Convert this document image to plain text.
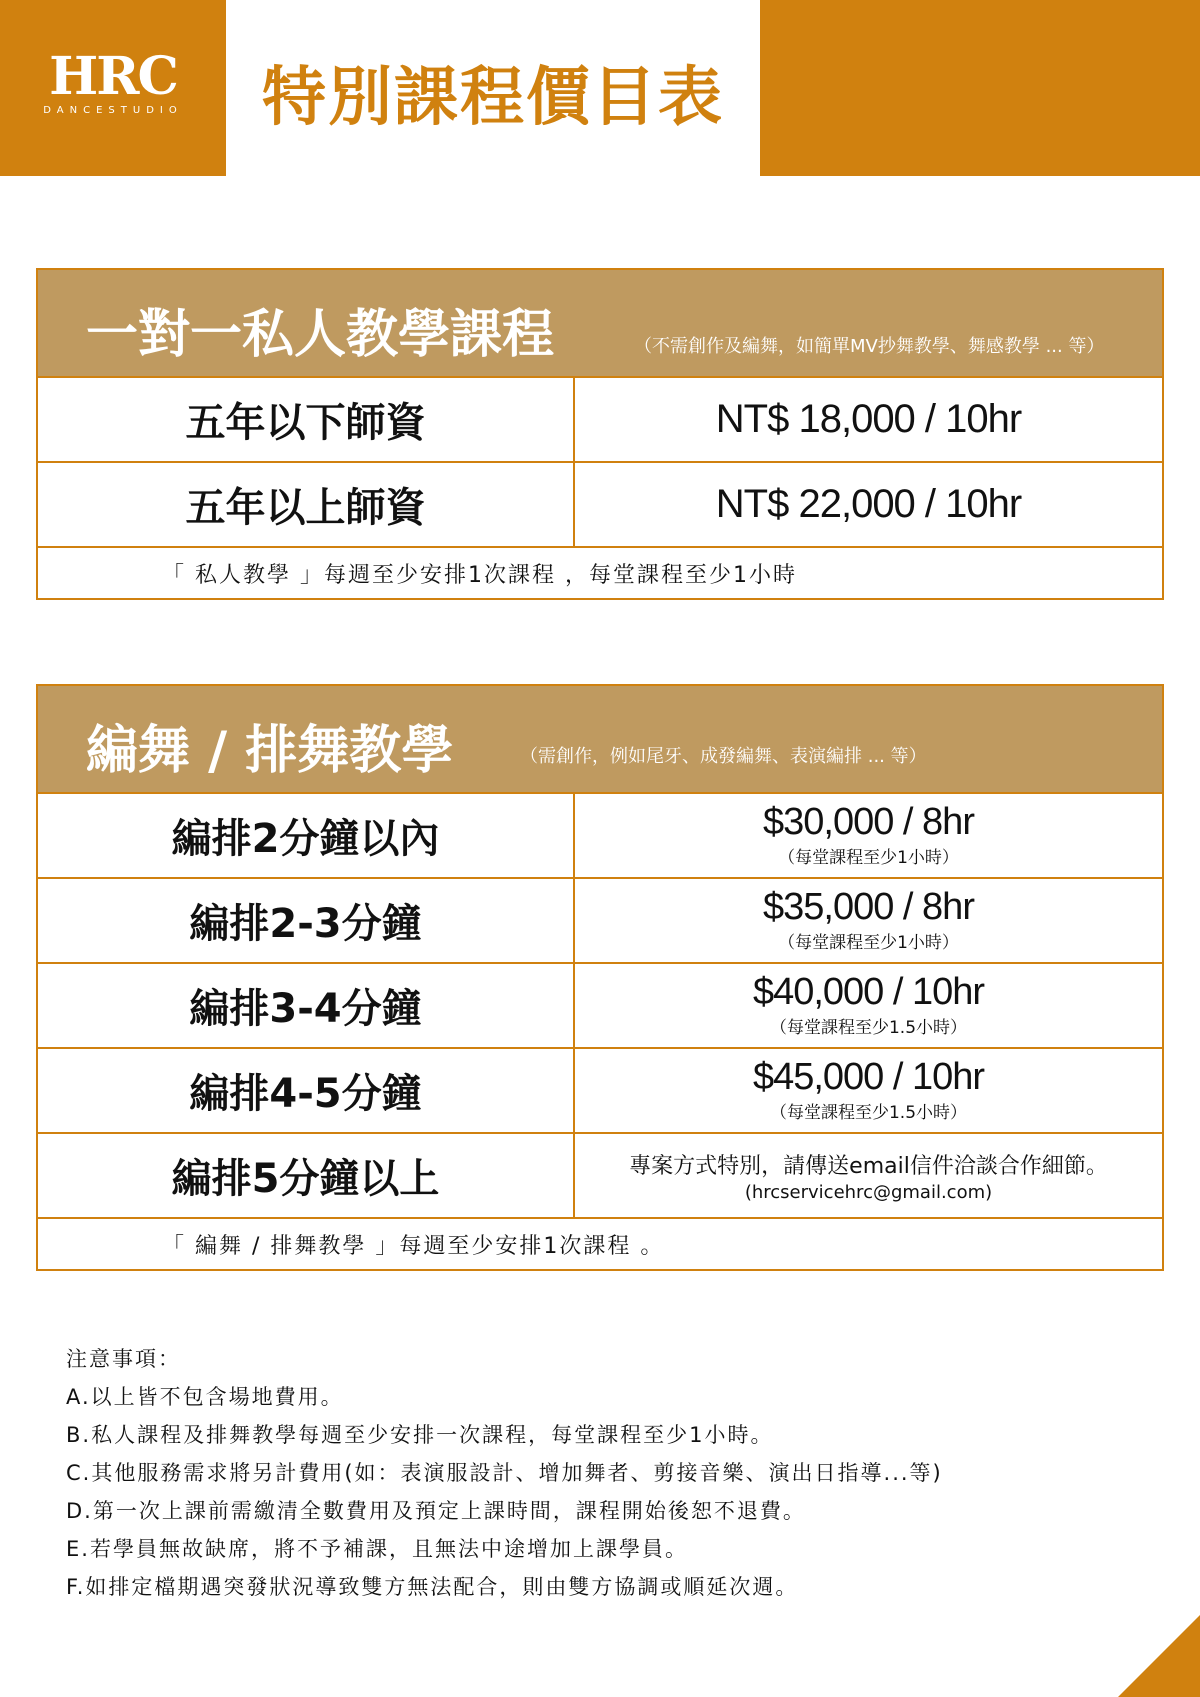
HRC
DANCESTUDIO	特別課程價目表
一對一私人教學課程	（不需創作及編舞，如簡單MV抄舞教學、舞感教學 ... 等）
五年以下師資	NT$ 18,000 / 10hr
五年以上師資	NT$ 22,000 / 10hr
「 私人教學 」每週至少安排1次課程 ，每堂課程至少1小時
編舞 / 排舞教學	（需創作，例如尾牙、成發編舞、表演編排 ... 等）
編排2分鐘以內	$30,000 / 8hr
（每堂課程至少1小時）
編排2-3分鐘	$35,000 / 8hr
（每堂課程至少1小時）
編排3-4分鐘	$40,000 / 10hr
（每堂課程至少1.5小時）
編排4-5分鐘	$45,000 / 10hr
（每堂課程至少1.5小時）
編排5分鐘以上	專案方式特別，請傳送email信件洽談合作細節。
(hrcservicehrc@gmail.com)
「 編舞 / 排舞教學 」每週至少安排1次課程 。
注意事項：
A.以上皆不包含場地費用。
B.私人課程及排舞教學每週至少安排一次課程，每堂課程至少1小時。
C.其他服務需求將另計費用(如：表演服設計、增加舞者、剪接音樂、演出日指導...等)
D.第一次上課前需繳清全數費用及預定上課時間，課程開始後恕不退費。
E.若學員無故缺席，將不予補課，且無法中途增加上課學員。
F.如排定檔期遇突發狀況導致雙方無法配合，則由雙方協調或順延次週。
